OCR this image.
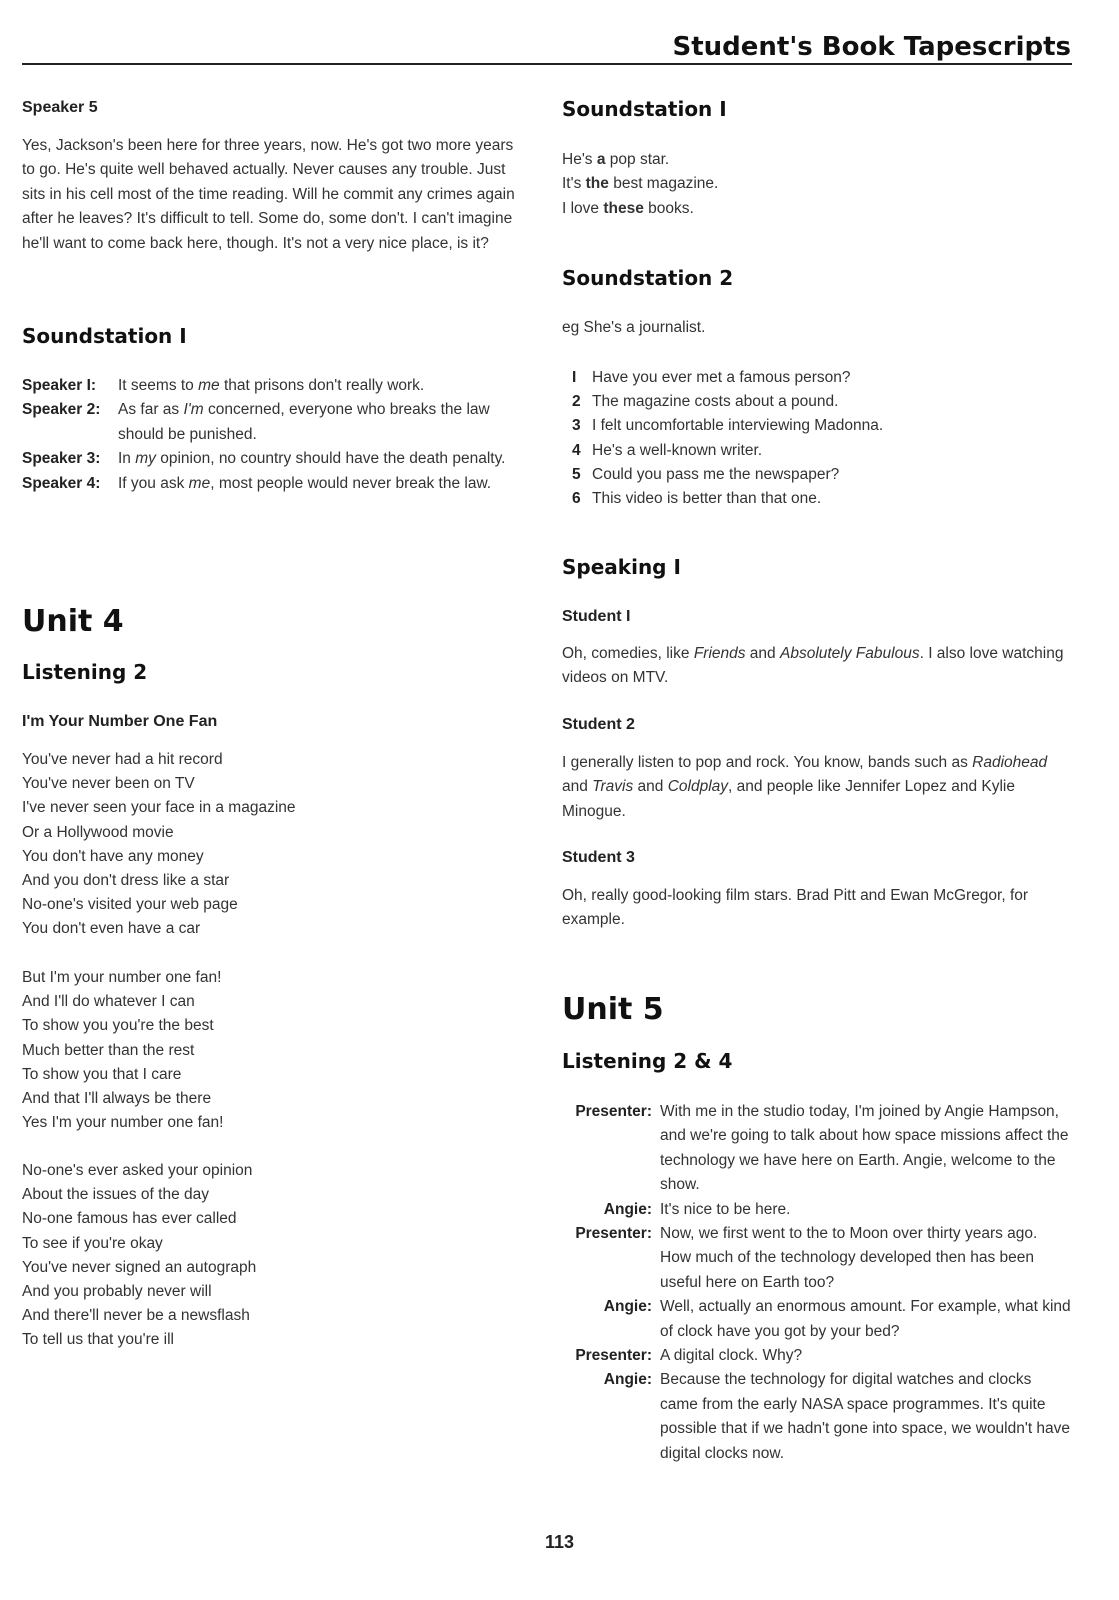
Student's Book Tapescripts
Speaker 5
Yes, Jackson's been here for three years, now. He's got two more years to go. He's quite well behaved actually. Never causes any trouble. Just sits in his cell most of the time reading. Will he commit any crimes again after he leaves? It's difficult to tell. Some do, some don't. I can't imagine he'll want to come back here, though. It's not a very nice place, is it?
Soundstation I
Speaker I:	It seems to me that prisons don't really work.
Speaker 2:	As far as I'm concerned, everyone who breaks the law should be punished.
Speaker 3:	In my opinion, no country should have the death penalty.
Speaker 4:	If you ask me, most people would never break the law.
Unit 4
Listening 2
I'm Your Number One Fan
You've never had a hit record
You've never been on TV
I've never seen your face in a magazine
Or a Hollywood movie
You don't have any money
And you don't dress like a star
No-one's visited your web page
You don't even have a car
But I'm your number one fan!
And I'll do whatever I can
To show you you're the best
Much better than the rest
To show you that I care
And that I'll always be there
Yes I'm your number one fan!
No-one's ever asked your opinion
About the issues of the day
No-one famous has ever called
To see if you're okay
You've never signed an autograph
And you probably never will
And there'll never be a newsflash
To tell us that you're ill
Soundstation I
He's a pop star.
It's the best magazine.
I love these books.
Soundstation 2
eg She's a journalist.
I Have you ever met a famous person?
2 The magazine costs about a pound.
3 I felt uncomfortable interviewing Madonna.
4 He's a well-known writer.
5 Could you pass me the newspaper?
6 This video is better than that one.
Speaking I
Student I
Oh, comedies, like Friends and Absolutely Fabulous. I also love watching videos on MTV.
Student 2
I generally listen to pop and rock. You know, bands such as Radiohead and Travis and Coldplay, and people like Jennifer Lopez and Kylie Minogue.
Student 3
Oh, really good-looking film stars. Brad Pitt and Ewan McGregor, for example.
Unit 5
Listening 2 & 4
Presenter: With me in the studio today, I'm joined by Angie Hampson, and we're going to talk about how space missions affect the technology we have here on Earth. Angie, welcome to the show.
Angie: It's nice to be here.
Presenter: Now, we first went to the to Moon over thirty years ago. How much of the technology developed then has been useful here on Earth too?
Angie: Well, actually an enormous amount. For example, what kind of clock have you got by your bed?
Presenter: A digital clock. Why?
Angie: Because the technology for digital watches and clocks came from the early NASA space programmes. It's quite possible that if we hadn't gone into space, we wouldn't have digital clocks now.
113
